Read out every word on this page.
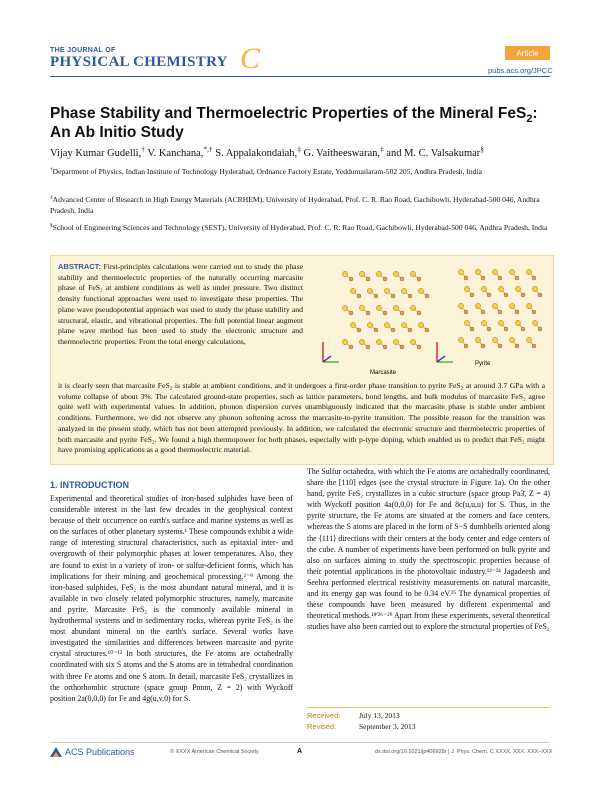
THE JOURNAL OF
PHYSICAL CHEMISTRY C	Article
pubs.acs.org/JPCC
Phase Stability and Thermoelectric Properties of the Mineral FeS$_2$: An Ab Initio Study
Vijay Kumar Gudelli,† V. Kanchana,*,† S. Appalakondaiah,‡ G. Vaitheeswaran,‡ and M. C. Valsakumar§
†Department of Physics, Indian Institute of Technology Hyderabad, Ordnance Factory Estate, Yeddumailaram-502 205, Andhra Pradesh, India
‡Advanced Center of Research in High Energy Materials (ACRHEM), University of Hyderabad, Prof. C. R. Rao Road, Gachibowli, Hyderabad-500 046, Andhra Pradesh, India
§School of Engineering Sciences and Technology (SEST), University of Hyderabad, Prof. C. R. Rao Road, Gachibowli, Hyderabad-500 046, Andhra Pradesh, India
ABSTRACT: First-principles calculations were carried out to study the phase stability and thermoelectric properties of the naturally occurring marcasite phase of FeS₂ at ambient conditions as well as under pressure. Two distinct density functional approaches were used to investigate these properties. The plane wave pseudopotential approach was used to study the phase stability and structural, elastic, and vibrational properties. The full potential linear augment plane wave method has been used to study the electronic structure and thermoelectric properties. From the total energy calculations,
Marcasite
Pyrite
it is clearly seen that marcasite FeS₂ is stable at ambient conditions, and it undergoes a first-order phase transition to pyrite FeS₂ at around 3.7 GPa with a volume collapse of about 3%. The calculated ground-state properties, such as lattice parameters, bond lengths, and bulk modulus of marcasite FeS₂ agree quite well with experimental values. In addition, phonon dispersion curves unambiguously indicated that the marcasite phase is stable under ambient conditions. Furthermore, we did not observe any phonon softening across the marcasite-to-pyrite transition. The possible reason for the transition was analyzed in the present study, which has not been attempted previously. In addition, we calculated the electronic structure and thermoelectric properties of both marcasite and pyrite FeS₂. We found a high thermopower for both phases, especially with p-type doping, which enabled us to predict that FeS₂ might have promising applications as a good thermoelectric material.
1. INTRODUCTION
Experimental and theoretical studies of iron-based sulphides have been of considerable interest in the last few decades in the geophysical context because of their occurrence on earth's surface and marine systems as well as on the surfaces of other planetary systems.¹ These compounds exhibit a wide range of interesting structural characteristics, such as epitaxial inter- and overgrowth of their polymorphic phases at lower temperatures. Also, they are found to exist in a variety of iron- or sulfur-deficient forms, which has implications for their mining and geochemical processing.²⁻⁹ Among the iron-based sulphides, FeS₂ is the most abundant natural mineral, and it is available in two closely related polymorphic structures, namely, marcasite and pyrite. Marcasite FeS₂ is the commonly available mineral in hydrothermal systems and in sedimentary rocks, whereas pyrite FeS₂ is the most abundant mineral on the earth's surface. Several works have investigated the similarities and differences between marcasite and pyrite crystal structures.¹⁰⁻¹² In both structures, the Fe atoms are octahedrally coordinated with six S atoms and the S atoms are in tetrahedral coordination with three Fe atoms and one S atom. In detail, marcasite FeS₂ crystallizes in the orthorhombic structure (space group Pnnm, Z = 2) with Wyckoff position 2a(0,0,0) for Fe and 4g(u,v,0) for S.
The Sulfur octahedra, with which the Fe atoms are octahedrally coordinated, share the [110] edges (see the crystal structure in Figure 1a). On the other hand, pyrite FeS₂ crystallizes in a cubic structure (space group Pa3̄, Z = 4) with Wyckoff position 4a(0,0,0) for Fe and 8c(u,u,u) for S. Thus, in the pyrite structure, the Fe atoms are situated at the corners and face centers, whereas the S atoms are placed in the form of S−S dumbbells oriented along the ⟨111⟩ directions with their centers at the body center and edge centers of the cube. A number of experiments have been performed on bulk pyrite and also on surfaces aiming to study the spectroscopic properties because of their potential applications in the photovoltaic industry.¹³⁻²⁴ Jagadeesh and Seehra performed electrical resistivity measurements on natural marcasite, and its energy gap was found to be 0.34 eV.²⁵ The dynamical properties of these compounds have been measured by different experimental and theoretical methods.¹⁸′²⁶⁻²⁹ Apart from these experiments, several theoretical studies have also been carried out to explore the structural properties of FeS₂
Received: July 13, 2013
Revised:	September 3, 2013
ACS Publications	© XXXX American Chemical Society	A	dx.doi.org/10.1021/jp406928r | J. Phys. Chem. C XXXX, XXX, XXX−XXX
